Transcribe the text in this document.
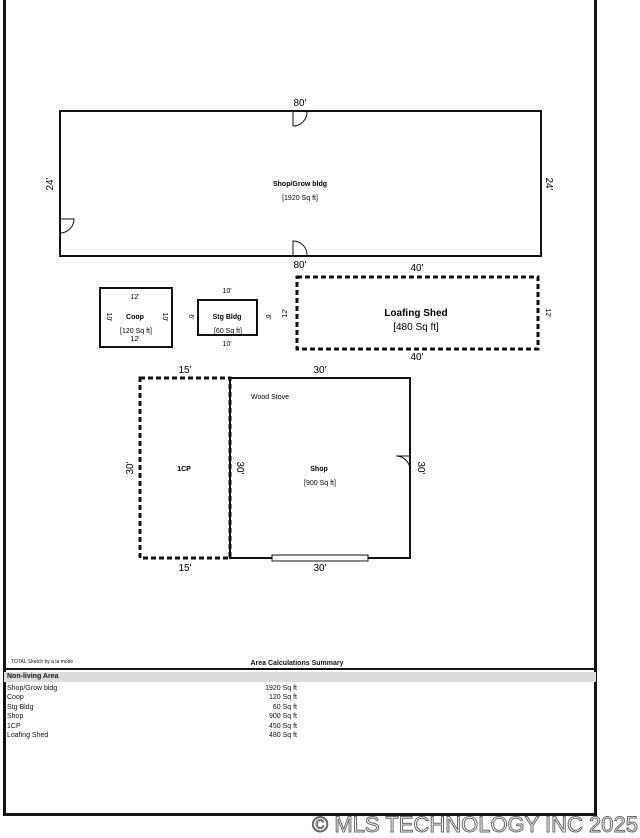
80'
80'
24'	24'
Shop/Grow bldg
[1920 Sq ft]
12'
12'
10'	10'
Coop
[120 Sq ft]
10'
10'
6'	6'
Stg Bldg
[60 Sq ft]
40'
40'
12'	12'
Loafing Shed
[480 Sq ft]
15'
15'
30'	1CP
30'
30'
30'	30'
Wood Stove
Shop
[900 Sq ft]
TOTAL Sketch by a la mode	Area Calculations Summary
Non-living Area
Shop/Grow bldg	1920 Sq ft
Coop	120 Sq ft
Stg Bldg	60 Sq ft
Shop	900 Sq ft
1CP	450 Sq ft
Loafing Shed	480 Sq ft
© MLS TECHNOLOGY INC 2025
